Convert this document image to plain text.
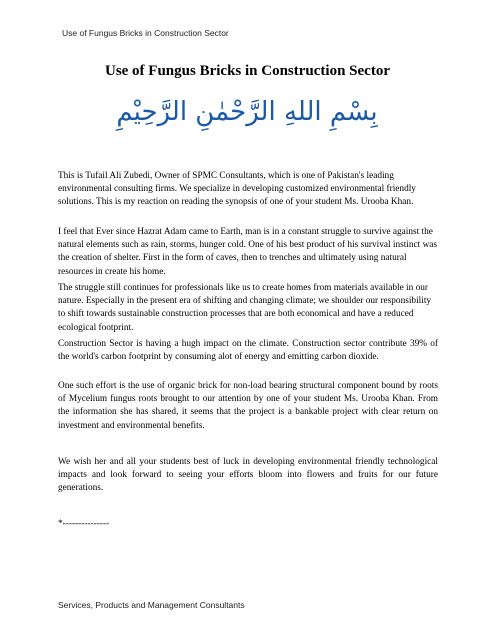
Use of Fungus Bricks in Construction Sector
Use of Fungus Bricks in Construction Sector
بِسْمِ اللهِ الرَّحْمٰنِ الرَّحِيْمِ

This is Tufail Ali Zubedi, Owner of SPMC Consultants, which is one of Pakistan's leading environmental consulting firms. We specialize in developing customized environmental friendly solutions. This is my reaction on reading the synopsis of one of your student Ms. Urooba Khan.

I feel that Ever since Hazrat Adam came to Earth, man is in a constant struggle to survive against the natural elements such as rain, storms, hunger cold. One of his best product of his survival instinct was the creation of shelter. First in the form of caves, then to trenches and ultimately using natural resources in create his home.

The struggle still continues for professionals like us to create homes from materials available in our nature. Especially in the present era of shifting and changing climate; we shoulder our responsibility to shift towards sustainable construction processes that are both economical and have a reduced ecological footprint.

Construction Sector is having a hugh impact on the climate. Construction sector contribute 39% of the world's carbon footprint by consuming alot of energy and emitting carbon dioxide.

One such effort is the use of organic brick for non-load bearing structural component bound by roots of Mycelium fungus roots brought to our attention by one of your student Ms. Urooba Khan. From the information she has shared, it seems that the project is a bankable project with clear return on investment and environmental benefits.

We wish her and all your students best of luck in developing environmental friendly technological impacts and look forward to seeing your efforts bloom into flowers and fruits for our future generations.

*---------------
Services, Products and Management Consultants
